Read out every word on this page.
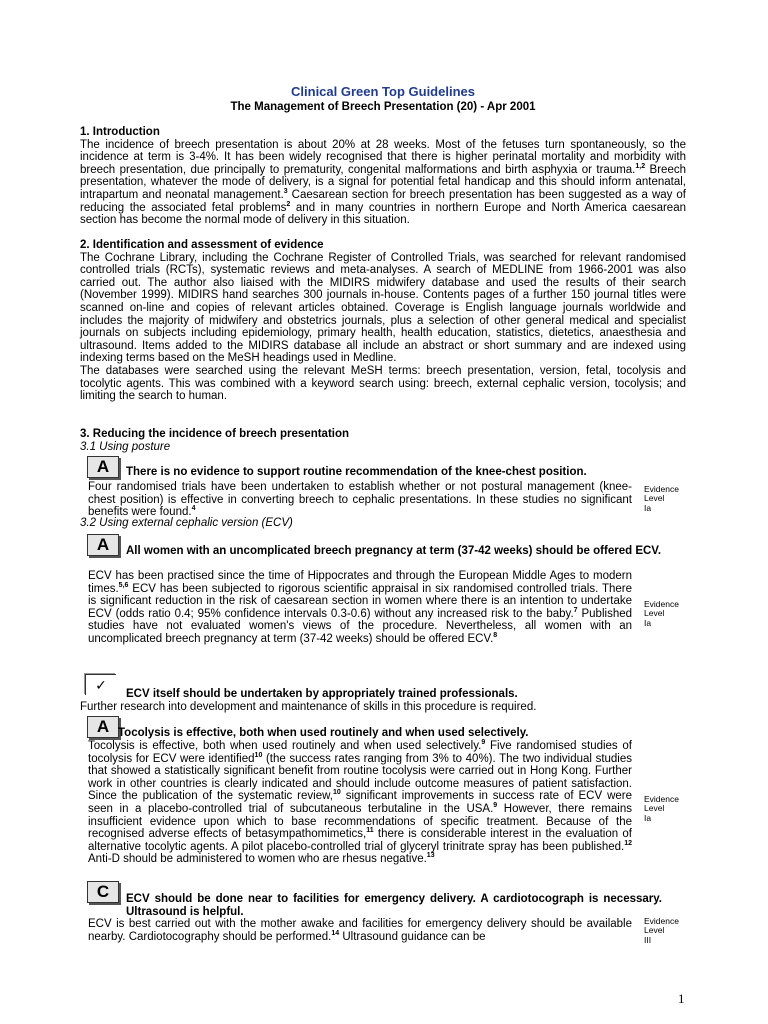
Clinical Green Top Guidelines
The Management of Breech Presentation (20) - Apr 2001
1. Introduction
The incidence of breech presentation is about 20% at 28 weeks. Most of the fetuses turn spontaneously, so the incidence at term is 3-4%. It has been widely recognised that there is higher perinatal mortality and morbidity with breech presentation, due principally to prematurity, congenital malformations and birth asphyxia or trauma.$^{1,2}$ Breech presentation, whatever the mode of delivery, is a signal for potential fetal handicap and this should inform antenatal, intrapartum and neonatal management.$^3$ Caesarean section for breech presentation has been suggested as a way of reducing the associated fetal problems$^2$ and in many countries in northern Europe and North America caesarean section has become the normal mode of delivery in this situation.
2. Identification and assessment of evidence
The Cochrane Library, including the Cochrane Register of Controlled Trials, was searched for relevant randomised controlled trials (RCTs), systematic reviews and meta-analyses. A search of MEDLINE from 1966-2001 was also carried out. The author also liaised with the MIDIRS midwifery database and used the results of their search (November 1999). MIDIRS hand searches 300 journals in-house. Contents pages of a further 150 journal titles were scanned on-line and copies of relevant articles obtained. Coverage is English language journals worldwide and includes the majority of midwifery and obstetrics journals, plus a selection of other general medical and specialist journals on subjects including epidemiology, primary health, health education, statistics, dietetics, anaesthesia and ultrasound. Items added to the MIDIRS database all include an abstract or short summary and are indexed using indexing terms based on the MeSH headings used in Medline.
The databases were searched using the relevant MeSH terms: breech presentation, version, fetal, tocolysis and tocolytic agents. This was combined with a keyword search using: breech, external cephalic version, tocolysis; and limiting the search to human.
3. Reducing the incidence of breech presentation
3.1 Using posture
A	There is no evidence to support routine recommendation of the knee-chest position.
Four randomised trials have been undertaken to establish whether or not postural management (knee-chest position) is effective in converting breech to cephalic presentations. In these studies no significant benefits were found.$^4$
Evidence
Level
Ia
3.2 Using external cephalic version (ECV)
A	All women with an uncomplicated breech pregnancy at term (37-42 weeks) should be offered ECV.
ECV has been practised since the time of Hippocrates and through the European Middle Ages to modern times.$^{5,6}$ ECV has been subjected to rigorous scientific appraisal in six randomised controlled trials. There is significant reduction in the risk of caesarean section in women where there is an intention to undertake ECV (odds ratio 0.4; 95% confidence intervals 0.3-0.6) without any increased risk to the baby.$^7$ Published studies have not evaluated women's views of the procedure. Nevertheless, all women with an uncomplicated breech pregnancy at term (37-42 weeks) should be offered ECV.$^8$
Evidence
Level
Ia
✓
ECV itself should be undertaken by appropriately trained professionals.
Further research into development and maintenance of skills in this procedure is required.
A Tocolysis is effective, both when used routinely and when used selectively.
Tocolysis is effective, both when used routinely and when used selectively.$^9$ Five randomised studies of tocolysis for ECV were identified$^{10}$ (the success rates ranging from 3% to 40%). The two individual studies that showed a statistically significant benefit from routine tocolysis were carried out in Hong Kong. Further work in other countries is clearly indicated and should include outcome measures of patient satisfaction. Since the publication of the systematic review,$^{10}$ significant improvements in success rate of ECV were seen in a placebo-controlled trial of subcutaneous terbutaline in the USA.$^9$ However, there remains insufficient evidence upon which to base recommendations of specific treatment. Because of the recognised adverse effects of betasympathomimetics,$^{11}$ there is considerable interest in the evaluation of alternative tocolytic agents. A pilot placebo-controlled trial of glyceryl trinitrate spray has been published.$^{12}$ Anti-D should be administered to women who are rhesus negative.$^{13}$
Evidence
Level
Ia
C	ECV should be done near to facilities for emergency delivery. A cardiotocograph is necessary. Ultrasound is helpful.
ECV is best carried out with the mother awake and facilities for emergency delivery should be available nearby. Cardiotocography should be performed.$^{14}$ Ultrasound guidance can be
Evidence
Level
III
1
